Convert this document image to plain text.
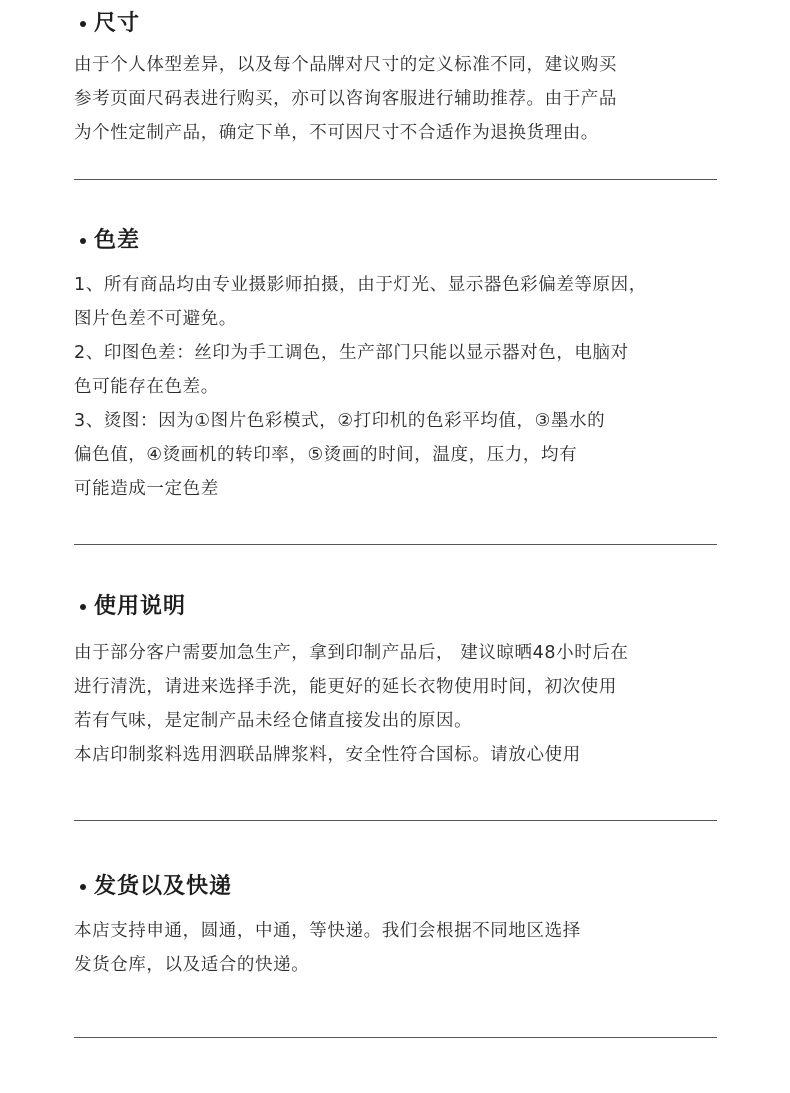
尺寸
由于个人体型差异，以及每个品牌对尺寸的定义标准不同，建议购买
参考页面尺码表进行购买，亦可以咨询客服进行辅助推荐。由于产品
为个性定制产品，确定下单，不可因尺寸不合适作为退换货理由。
色差
1、所有商品均由专业摄影师拍摄，由于灯光、显示器色彩偏差等原因，
图片色差不可避免。
2、印图色差：丝印为手工调色，生产部门只能以显示器对色，电脑对
色可能存在色差。
3、烫图：因为①图片色彩模式，②打印机的色彩平均值，③墨水的
偏色值，④烫画机的转印率，⑤烫画的时间，温度，压力，均有
可能造成一定色差
使用说明
由于部分客户需要加急生产，拿到印制产品后， 建议晾晒48小时后在
进行清洗，请进来选择手洗，能更好的延长衣物使用时间，初次使用
若有气味，是定制产品未经仓储直接发出的原因。
本店印制浆料选用泗联品牌浆料，安全性符合国标。请放心使用
发货以及快递
本店支持申通，圆通，中通，等快递。我们会根据不同地区选择
发货仓库，以及适合的快递。
